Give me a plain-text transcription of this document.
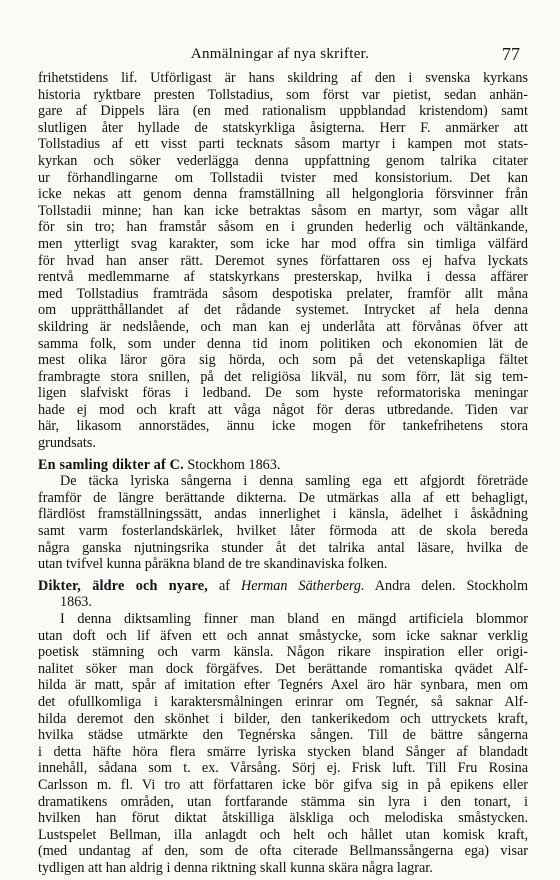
Anmälningar af nya skrifter.	77
frihetstidens lif. Utförligast är hans skildring af den i svenska kyrkans
historia ryktbare presten Tollstadius, som först var pietist, sedan anhän-
gare af Dippels lära (en med rationalism uppblandad kristendom) samt
slutligen åter hyllade de statskyrkliga åsigterna. Herr F. anmärker att
Tollstadius af ett visst parti tecknats såsom martyr i kampen mot stats-
kyrkan och söker vederlägga denna uppfattning genom talrika citater
ur förhandlingarne om Tollstadii tvister med konsistorium. Det kan
icke nekas att genom denna framställning all helgongloria försvinner från
Tollstadii minne; han kan icke betraktas såsom en martyr, som vågar allt
för sin tro; han framstår såsom en i grunden hederlig och vältänkande,
men ytterligt svag karakter, som icke har mod offra sin timliga välfärd
för hvad han anser rätt. Deremot synes författaren oss ej hafva lyckats
rentvå medlemmarne af statskyrkans presterskap, hvilka i dessa affärer
med Tollstadius framträda såsom despotiska prelater, framför allt måna
om upprätthållandet af det rådande systemet. Intrycket af hela denna
skildring är nedslående, och man kan ej underlåta att förvånas öfver att
samma folk, som under denna tid inom politiken och ekonomien lät de
mest olika läror göra sig hörda, och som på det vetenskapliga fältet
frambragte stora snillen, på det religiösa likväl, nu som förr, lät sig tem-
ligen slafviskt föras i ledband. De som hyste reformatoriska meningar
hade ej mod och kraft att våga något för deras utbredande. Tiden var
här, likasom annorstädes, ännu icke mogen för tankefrihetens stora
grundsats.
En samling dikter af C. Stockhom 1863.
De täcka lyriska sångerna i denna samling ega ett afgjordt företräde
framför de längre berättande dikterna. De utmärkas alla af ett behagligt,
flärdlöst framställningssätt, andas innerlighet i känsla, ädelhet i åskådning
samt varm fosterlandskärlek, hvilket låter förmoda att de skola bereda
några ganska njutningsrika stunder åt det talrika antal läsare, hvilka de
utan tvifvel kunna påräkna bland de tre skandinaviska folken.
Dikter, äldre och nyare, af Herman Sätherberg. Andra delen. Stockholm
1863.
I denna diktsamling finner man bland en mängd artificiela blommor
utan doft och lif äfven ett och annat småstycke, som icke saknar verklig
poetisk stämning och varm känsla. Någon rikare inspiration eller origi-
nalitet söker man dock förgäfves. Det berättande romantiska qvädet Alf-
hilda är matt, spår af imitation efter Tegnérs Axel äro här synbara, men om
det ofullkomliga i karaktersmålningen erinrar om Tegnér, så saknar Alf-
hilda deremot den skönhet i bilder, den tankerikedom och uttryckets kraft,
hvilka städse utmärkte den Tegnérska sången. Till de bättre sångerna
i detta häfte höra flera smärre lyriska stycken bland Sånger af blandadt
innehåll, sådana som t. ex. Vårsång. Sörj ej. Frisk luft. Till Fru Rosina
Carlsson m. fl. Vi tro att författaren icke bör gifva sig in på epikens eller
dramatikens områden, utan fortfarande stämma sin lyra i den tonart, i
hvilken han förut diktat åtskilliga älskliga och melodiska småstycken.
Lustspelet Bellman, illa anlagdt och helt och hållet utan komisk kraft,
(med undantag af den, som de ofta citerade Bellmanssångerna ega) visar
tydligen att han aldrig i denna riktning skall kunna skära några lagrar.
